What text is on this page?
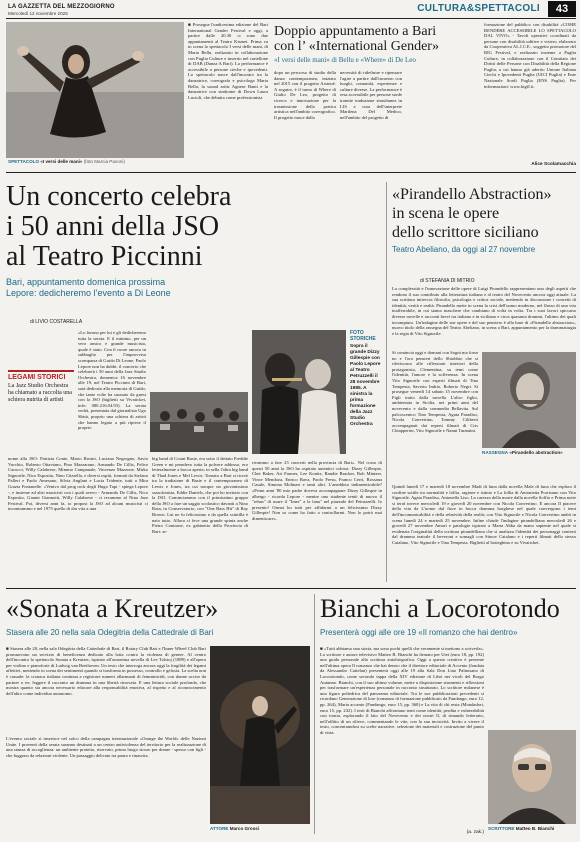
LA GAZZETTA DEL MEZZOGIORNO
Mercoledì 12 novembre 2025	CULTURA&SPETTACOLI	43
SPETTACOLO «I versi delle mani» (foto Marcia Pavoni)
■ Prosegue l'undicesima edizione del Bari International Gender Festival e oggi, a partire dalle 20.30 ci sono due appuntamenti al Teatro Kismet. Prima va in scena lo spettacolo I versi delle mani, di Marta Bellu, realizzato in collaborazione con Puglia Culture e inserito nel cartellone di DAB (Danza A Bari). La performance è accessibile a persone cieche e ipovedenti. Lo spettacolo nasce dall'incontro tra la danzatrice, coreografa e psicologa Marta Bellu, la sound artist Agnese Banti e la danzatrice con sindrome di Down Laura Lucioli, che debutta come professionista
Doppio appuntamento a Bari
con l’ «International Gender»
«I versi delle mani» di Bellu e «Where» di De Leo
dopo un percorso di studio della danza contemporanea, iniziato nel 2015 con il progetto Arsinoé. A seguire, è il turno di Where di Giulio De Leo, progetto di ricerca e innovazione per la trasmissione della pratica artistica nell'ambito coreografico. Il progetto nasce dalla
necessità di ridefinire e ripensare l'agire a partire dall'incontro con luoghi, comunità, esperienze e culture diverse. La performance è resa accessibile per persone sorde tramite traduzione simultanea in LIS a cura dell'interprete Marilena Del Medico, nell'ambito del progetto di
formazione del pubblico con disabilità «COME RENDERE ACCESSIBILE LO SPETTACOLO DAL VIVO» - Tavoli operativi coordinati da persone con disabilità uditive e visive» elaborato da Cooperativa AL.I.C.E., soggetto promotore del BIG Festival, e realizzato insieme a Puglia Culture, in collaborazione con il Comitato dei Diritti delle Persone con Disabilità della Regione Puglia, a cui hanno già aderito Unione Italiana Ciechi e Ipovedenti Puglia (UICI Puglia) e Ente Nazionale Sordi Puglia (ENS Puglia). Per informazioni: www.bigff.it.
Alice Scolamacchia
Un concerto celebra
i 50 anni della JSO
al Teatro Piccinni
Bari, appuntamento domenica prossima
Lepore: dedicheremo l’evento a Di Leone
di LIVIO COSTARELLA
LEGAMI STORICI
La Jazz Studio Orchestra ha chiamato a raccolta una schiera nutrita di artisti
«Lo furono per lui e gli dedicheremo tutta la serata. E il minimo, per un vero amico e grande musicista, quale è stato. Con il cuore ancora in subbuglio per l'improvvisa scomparsa di Guido Di Leone, Paolo Lepore non ha dubbi: il concerto che celebrerà i 50 anni della Jazz Studio Orchestra, domenica 16 novembre alle 19, nel Teatro Piccinni di Bari, sarà dedicato alla memoria di Guido, che tante volte ha suonato da guest con la JSO (biglietti su Vivaticket, info: 080.216.04.93). La serata vedrà, presentata dal giornalista Ugo Sbisà, proprio una schiera di artisti che hanno legato a più riprese il proprio
nome alla JSO: Patrizia Conte, Mario Rosini, Luciana Negrogno, Savio Vurchio, Roberto Ottaviano, Pino Mazzarano, Armando De Cillis, Felice Cacucci, Willy Calabrese, Mimmo Campanale, Vincenzo Mazzone, Mirko Signorile, Nico Esposito, Nino Citarella, e diversi ospiti, formati da Stefano Palleri e Paolo Amesano, Silvia Anglani e Lucia Tridente, tutti a Mira Grazia Fontanelle. «Venivo dal prog rock degli Hugo Tapi - spiega Lepore -, e insieme ad altri musicisti con i quali avevo - Armando De Cillis, Nico Esposito, Gianni Giannotti, Willy Calabrese - ci recammo al Nina Jazz Festival. Poi, diversi anni fa, io proposi la JSO ad alcuni musicisti ci incontrammo e nel 1975 quello di dar vita a una
big band di Count Basie, era sotto il dettato Freddie Green e mi prendevo tutta la polvere addosso, ero letteralmente a bocca aperta; in sella l'altra big band di Thad Jones e Mel Lewis. Tornato a Bari si ricreò tra la tradizione di Basie e il contemporaneo di Lewis e Jones, tra cui nacque un giovanissimo sassofonista, Eddie Daniels, che poi ho invitato con la JSO. Cominciammo con il primissimo gruppo della JSO a fare un saggio scolastico davanti a Nino Rota, in Conservatorio, con "One Bass Hit" di Ray Brown. Lui ne fu felicissimo e da quella scintilla è nato tutto. Allora ci fece una grande spinta anche Pietro Controne, ex gabinetto della Provincia di Bari: ar-
FOTO STORICHE
Sopra il grande Dizzy Gillespie con Paolo Lepore al Teatro Petruzzelli il 28 novembre 1985. A sinistra la prima formazione della Jazz Studio Orchestra
rivammo a fare 25 concerti nella provincia di Bari». Nel corso di questi 50 anni la JSO ha ospitato autentici colossi: Dizzy Gillespie, Chet Baker, Art Farmer, Lee Konitz, Randie Bracker, Bob Mintzer, Vince Mendoza, Enrico Rava, Paolo Fresu, Franco Cerri, Rossana Casale, Simona Molinari e tanti altri. L'aneddoto indimenticabile? «Primi anni '80 mio padre doveva accompagnare Dizzy Gillespie in albergo - ricorda Lepore - mentre uno studente tentò di nuovo il "rebus" di usare il "Inter" a la lana" nel piazzale del Petruzzelli. Io presento! Ormai ho tutti per affidarmi a un felicissimo Dizzy Gillespie! Non so come ho fatto a controllarmi. Non lo potrò mai dimenticare».
«Pirandello Abstraction»
in scena le opere
dello scrittore siciliano
Teatro Abeliano, da oggi al 27 novembre
di STEFANIA DI MITRIO
La complessità e l'innovazione delle opere di Luigi Pirandello rappresentano uno degli aspetti che rendono il suo contributo alla letteratura italiana e al teatro del Novecento ancora oggi attuale. La sua scrittura intreccia filosofia, psicologia e critica sociale, mettendo in discussione i concetti di identità, verità e realtà. Pirandello mette in scena la crisi dell'uomo moderno, nel flusso di una vita inafferrabile, in cui siamo maschere che cambiano di volta in volta. Tra i suoi lavori spiccano diverse novelle e racconti brevi tra italiano e in siciliano e circa quaranta drammi, l'ultimo dei quali incompiuto. Un'indagine delle sue opere e del suo pensiero è alla base di «Pirandello abstraction», nuovo titolo della rassegna del Teatro Abeliano, in scena a Bari, appuntamento per la drammaturgia e la regia di Vito Signorile.
Si comincia oggi e domani con Sogni ma forse no e l'ora pensieri dello Sbiobbio che si riferiscono alle riflessioni interiori della protagonista, Clementina, su temi come l'identità, l'amore e la sofferenza. In scena Vito Signorile con esperti filmati di Tina Tempesta, Saverio Indrio, Roberto Negri. Si prosegue venerdì 14 sabato 15 novembre con Figli tratto dalla novella L'altro figlio, ambientata in Sicilia, nei primi anni del novecento e dalla commedia Bellavita. Sul palcoscenico Tina Tempesta, Agata Paradiso, Nicola Convertino, Tommy Ciliberti accompagnati dai reperti filmati di Cris Chiapperini, Vito Signorile e Nanni Tarantini.
RASSEGNA «Pirandello abstraction»
Quindi lunedì 17 e martedì 18 novembre Madi di luna dalla novella Male di luna che esplora il confine sottile tra normalità e follia, ragione e istinto e La follia di Antonietta Porrisano con Vito Signorile, Agata Paradiso, Antonella Liso. La carezza della morte dalla novella Soffio e Prima notte si terrà invece mercoledì 19 e giovedì 20 novembre con Nicola Convertino. E ancora Il piacere della vita da L'uomo dal fiore in bocca dramma borghese nel quale convergono i temi dell'incomunicabilità e della relatività della realtà; con Vito Signorile e Nicola Convertino andrà in scena lunedì 24 e martedì 25 novembre. Infine chiude l'indagine pirandelliana mercoledì 26 e giovedì 27 novembre Amori e patologie ispirato a Marta Abba da mano sapiente nel quale si evidenzia l'originalità della scrittura pirandelliana che si analizza l'identità dei personaggi contesti dal dramma teatrale il beveroni e somagli con Stinov Catalano e i reperti filmati dello stesso Catalano, Vito Signorile e Tina Tempesta. Biglietti al botteghino e su Vivaticket.
«Sonata a Kreutzer»
Stasera alle 20 nella sala Odegitria della Cattedrale di Bari
■ Stasera alle 20, nella sala Odegitria della Cattedrale di Bari, il Rotary Club Bari e l'Inner Wheel Club Bari promuovono un servizio di beneficenza dedicato alla lotta contro la violenza di genere. Al centro dell'incontro lo spettacolo Sonata a Kreutzer, ispirato all'omonima novella di Lev Tolstoj (1889) e all'opera per violino e pianoforte di Ludwig van Beethoven. Un testo che interroga ancora oggi la fragilità dei legami affettivi, mettendo in scena dei sentimenti quando si trasforma in possesso, controllo e gelosia. La scelta non è casuale: la cronaca italiana continua a registrare numeri allarmanti di femminicidi, con donne uccise da partner o ex: leggere il racconto un dramma in una libertà ritrovata. E una lettura sociale profonda, che mostra quanto sia ancora necessario educare alla responsabilità emotiva, al rispetto e al riconoscimento dell'altro come individuo autonomo.
L'evento sociale si inserisce nel solco della campagna internazionale «Orange the World» delle Nazioni Unite. I proventi della serata saranno destinati a un centro antiviolenza del territorio per la realizzazione di una stanza di accoglienza: un ambiente protetto, riservato, primo luogo sicuro per donne - spesso con figli - che fuggono da relazioni violente. Un passaggio delicato tra paura e rinascita.
ATTORE Marco Grossi
Bianchi a Locorotondo
Presenterà oggi alle ore 19 «Il romanzo che hai dentro»
■ «Tutti abbiamo una storia, ma sono pochi quelli che veramente si mettono a scriverla». Lo scrittore e autore televisivo Matteo B. Bianchi ha firmato per Utet (euro 18, pp. 192) una guida personale alla scrittura autobiografica. Oggi a questo creativo è presente nell'ultima opera Il romanzo che hai dentro che il direttore editoriale di Accento (fondata da Alessandro Cattelan) presenterà oggi alle 19 alla Sala Don Lino Palmisano di Locorotondo, come secondo tappa della XIV edizione di Libri nei vicoli del Borgo Autunno. Bianchi, con il suo ultimo volume, mette a disposizione strumenti e riflessioni per trasformare un'esperienza personale in racconto strutturato. Lo scrittore milanese è una figura poliedrica del panorama editoriale. Tra le sue pubblicazioni precedenti si ricordano Generazione di lose (romanzo di formazione pubblicato da Fandango, euro 12, pp. 264), Maria accanto (Fandango, euro 15, pp. 360) e La vita di chi resta (Mondadori, euro 15, pp. 232). I testi di Bianchi affrontano temi come identità, perdita e vulnerabilità con ironia, esplorando il lato del Novecento e dei nostri Il, di rimando letterario, nell'affitto di un rilievo, commentando le vite, con la sua incisività. Invito a vivere il testo, concentrandosi su scelte narrative, selezione dei materiali e costruzione del punto di vista.
(a. zak.)
SCRITTORE Matteo B. Bianchi
